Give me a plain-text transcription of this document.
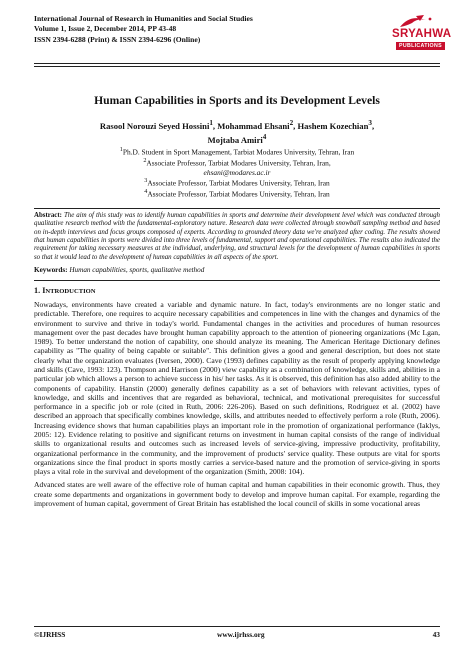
International Journal of Research in Humanities and Social Studies
Volume 1, Issue 2, December 2014, PP 43-48
ISSN 2394-6288 (Print) & ISSN 2394-6296 (Online)	SRYAHWA
PUBLICATIONS
Human Capabilities in Sports and its Development Levels
Rasool Norouzi Seyed Hossini$^1$, Mohammad Ehsani$^2$, Hashem Kozechian$^3$,
Mojtaba Amiri$^4$
$^1$Ph.D. Student in Sport Management, Tarbiat Modares University, Tehran, Iran
$^2$Associate Professor, Tarbiat Modares University, Tehran, Iran,
ehsani@modares.ac.ir
$^3$Associate Professor, Tarbiat Modares University, Tehran, Iran
$^4$Associate Professor, Tarbiat Modares University, Tehran, Iran
Abstract: The aim of this study was to identify human capabilities in sports and determine their development level which was conducted through qualitative research method with the fundamental-exploratory nature. Research data were collected through snowball sampling method and based on in-depth interviews and focus groups composed of experts. According to grounded theory data we're analyzed after coding. The results showed that human capabilities in sports were divided into three levels of fundamental, support and operational capabilities. The results also indicated the requirement for taking necessary measures at the individual, underlying, and structural levels for the development of human capabilities in sports so that it would lead to the development of human capabilities in all aspects of the sport.
Keywords: Human capabilities, sports, qualitative method
1. INTRODUCTION

Nowadays, environments have created a variable and dynamic nature. In fact, today's environments are no longer static and predictable. Therefore, one requires to acquire necessary capabilities and competences in line with the changes and dynamics of the environment to survive and thrive in today's world. Fundamental changes in the activities and procedures of human resources management over the past decades have brought human capability approach to the attention of pioneering organizations (Mc Lgan, 1989). To better understand the notion of capability, one should analyze its meaning. The American Heritage Dictionary defines capability as "The quality of being capable or suitable". This definition gives a good and general description, but does not state clearly what the organization evaluates (Iversen, 2000). Cave (1993) defines capability as the result of properly applying knowledge and skills (Cave, 1993: 123). Thompson and Harrison (2000) view capability as a combination of knowledge, skills and, abilities in a particular job which allows a person to achieve success in his/ her tasks. As it is observed, this definition has also added ability to the components of capability. Hanstin (2000) generally defines capability as a set of behaviors with relevant activities, types of knowledge, and skills and incentives that are regarded as behavioral, technical, and motivational prerequisites for successful performance in a specific job or role (cited in Ruth, 2006: 226-206). Based on such definitions, Rodriguez et al. (2002) have described an approach that specifically combines knowledge, skills, and attributes needed to effectively perform a role (Ruth, 2006). Increasing evidence shows that human capabilities plays an important role in the promotion of organizational performance (Iaklys, 2005: 12). Evidence relating to positive and significant returns on investment in human capital consists of the range of individual skills to organizational results and outcomes such as increased levels of service-giving, impressive productivity, profitability, organizational performance in the community, and the improvement of products' service quality. These outputs are vital for sports organizations since the final product in sports mostly carries a service-based nature and the promotion of service-giving in sports plays a vital role in the survival and development of the organization (Smith, 2008: 104).

Advanced states are well aware of the effective role of human capital and human capabilities in their economic growth. Thus, they create some departments and organizations in government body to develop and improve human capital. For example, regarding the improvement of human capital, government of Great Britain has established the local council of skills in some vocational areas

©IJRHSS	www.ijrhss.org	43
